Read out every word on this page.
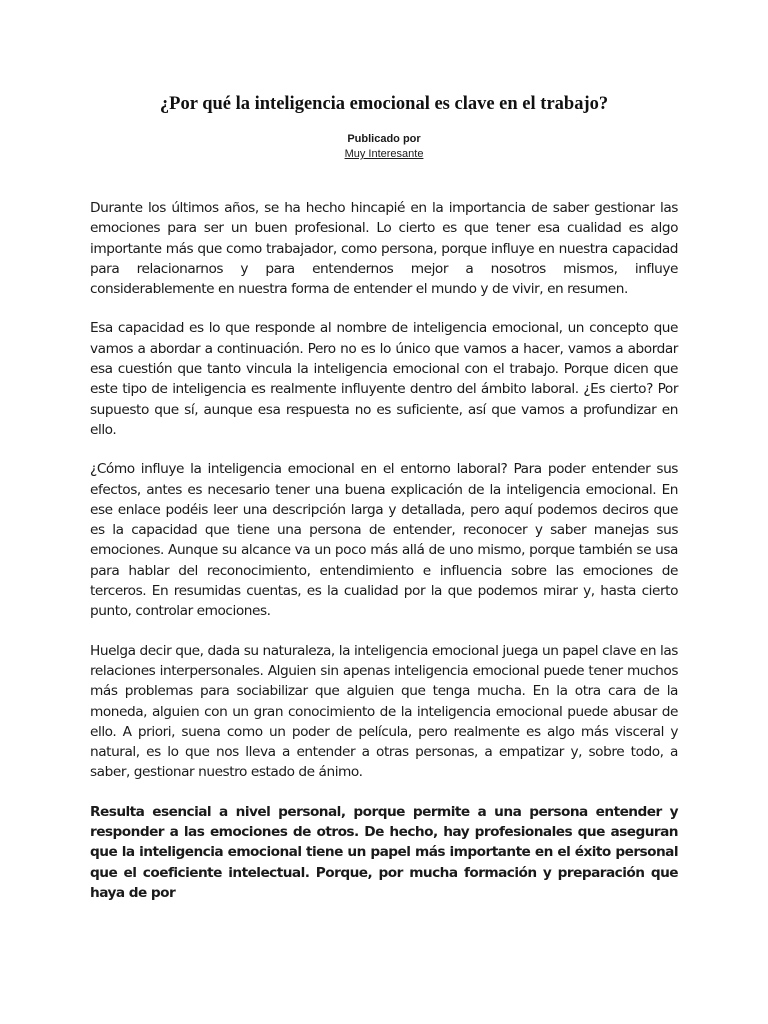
¿Por qué la inteligencia emocional es clave en el trabajo?
Publicado por
Muy Interesante

Durante los últimos años, se ha hecho hincapié en la importancia de saber gestionar las emociones para ser un buen profesional. Lo cierto es que tener esa cualidad es algo importante más que como trabajador, como persona, porque influye en nuestra capacidad para relacionarnos y para entendernos mejor a nosotros mismos, influye considerablemente en nuestra forma de entender el mundo y de vivir, en resumen.

Esa capacidad es lo que responde al nombre de inteligencia emocional, un concepto que vamos a abordar a continuación. Pero no es lo único que vamos a hacer, vamos a abordar esa cuestión que tanto vincula la inteligencia emocional con el trabajo. Porque dicen que este tipo de inteligencia es realmente influyente dentro del ámbito laboral. ¿Es cierto? Por supuesto que sí, aunque esa respuesta no es suficiente, así que vamos a profundizar en ello.

¿Cómo influye la inteligencia emocional en el entorno laboral? Para poder entender sus efectos, antes es necesario tener una buena explicación de la inteligencia emocional. En ese enlace podéis leer una descripción larga y detallada, pero aquí podemos deciros que es la capacidad que tiene una persona de entender, reconocer y saber manejas sus emociones. Aunque su alcance va un poco más allá de uno mismo, porque también se usa para hablar del reconocimiento, entendimiento e influencia sobre las emociones de terceros. En resumidas cuentas, es la cualidad por la que podemos mirar y, hasta cierto punto, controlar emociones.

Huelga decir que, dada su naturaleza, la inteligencia emocional juega un papel clave en las relaciones interpersonales. Alguien sin apenas inteligencia emocional puede tener muchos más problemas para sociabilizar que alguien que tenga mucha. En la otra cara de la moneda, alguien con un gran conocimiento de la inteligencia emocional puede abusar de ello. A priori, suena como un poder de película, pero realmente es algo más visceral y natural, es lo que nos lleva a entender a otras personas, a empatizar y, sobre todo, a saber, gestionar nuestro estado de ánimo.

Resulta esencial a nivel personal, porque permite a una persona entender y responder a las emociones de otros. De hecho, hay profesionales que aseguran que la inteligencia emocional tiene un papel más importante en el éxito personal que el coeficiente intelectual. Porque, por mucha formación y preparación que haya de por
